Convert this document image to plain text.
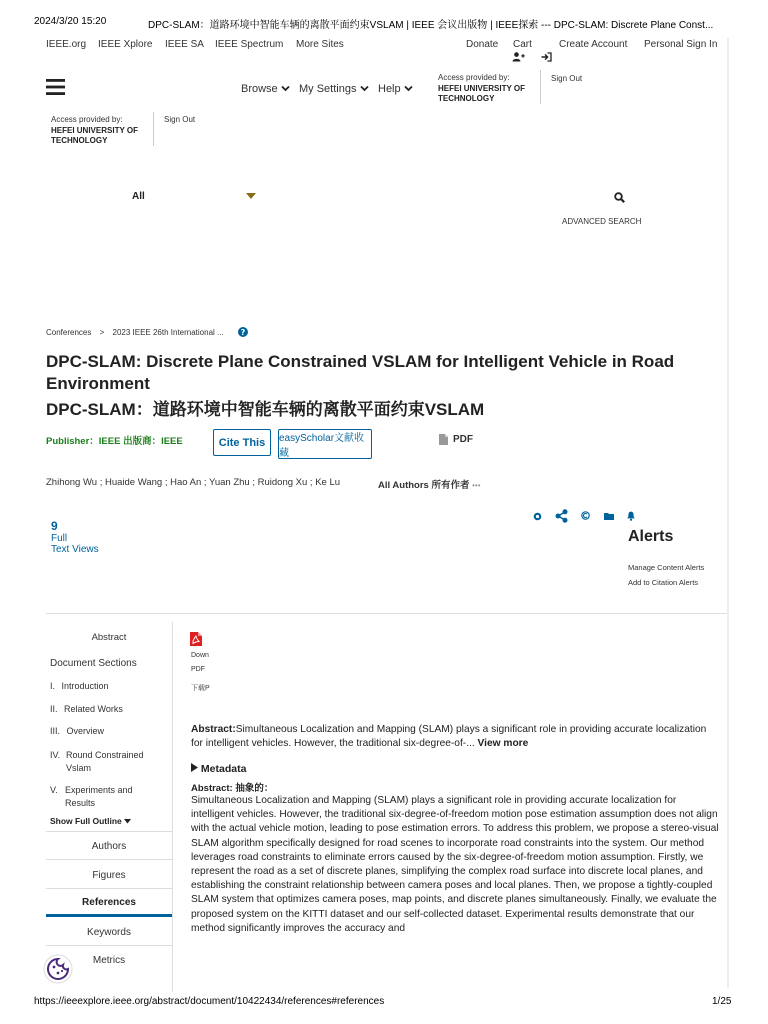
2024/3/20 15:20	DPC-SLAM：道路环境中智能车辆的离散平面约束VSLAM | IEEE 会议出版物 | IEEE探索 --- DPC-SLAM: Discrete Plane Const...
IEEE.org IEEE Xplore IEEE SA IEEE Spectrum More Sites	Donate Cart	Create Account Personal Sign In
Browse	My Settings	Help
Access provided by:
HEFEI UNIVERSITY OF TECHNOLOGY
Sign Out
Access provided by:
HEFEI UNIVERSITY OF TECHNOLOGY
Sign Out
All
ADVANCED SEARCH
Conferences > 2023 IEEE 26th International ... ?
DPC-SLAM: Discrete Plane Constrained VSLAM for Intelligent Vehicle in Road Environment
DPC-SLAM：道路环境中智能车辆的离散平面约束VSLAM
Publisher：IEEE 出版商：IEEE	Cite This	easyScholar文献收藏
PDF
Zhihong Wu ; Huaide Wang ; Hao An ; Yuan Zhu ; Ruidong Xu ; Ke Lu	All Authors 所有作者 •••
9
Full
Text Views
Alerts
Manage Content Alerts
Add to Citation Alerts
Abstract
Document Sections
I. Introduction
II. Related Works
III. Overview
IV. Round Constrained Vslam
V. Experiments and Results
Show Full Outline
Authors
Figures
References
Keywords
Metrics
Down
PDF
下载P
Abstract:Simultaneous Localization and Mapping (SLAM) plays a significant role in providing accurate localization for intelligent vehicles. However, the traditional six-degree-of-... View more
Metadata
Abstract: 抽象的：
Simultaneous Localization and Mapping (SLAM) plays a significant role in providing accurate localization for intelligent vehicles. However, the traditional six-degree-of-freedom motion pose estimation assumption does not align with the actual vehicle motion, leading to pose estimation errors. To address this problem, we propose a stereo-visual SLAM algorithm specifically designed for road scenes to incorporate road constraints into the system. Our method leverages road constraints to eliminate errors caused by the six-degree-of-freedom motion assumption. Firstly, we represent the road as a set of discrete planes, simplifying the complex road surface into discrete local planes, and establishing the constraint relationship between camera poses and local planes. Then, we propose a tightly-coupled SLAM system that optimizes camera poses, map points, and discrete planes simultaneously. Finally, we evaluate the proposed system on the KITTI dataset and our self-collected dataset. Experimental results demonstrate that our method significantly improves the accuracy and
https://ieeexplore.ieee.org/abstract/document/10422434/references#references	1/25
